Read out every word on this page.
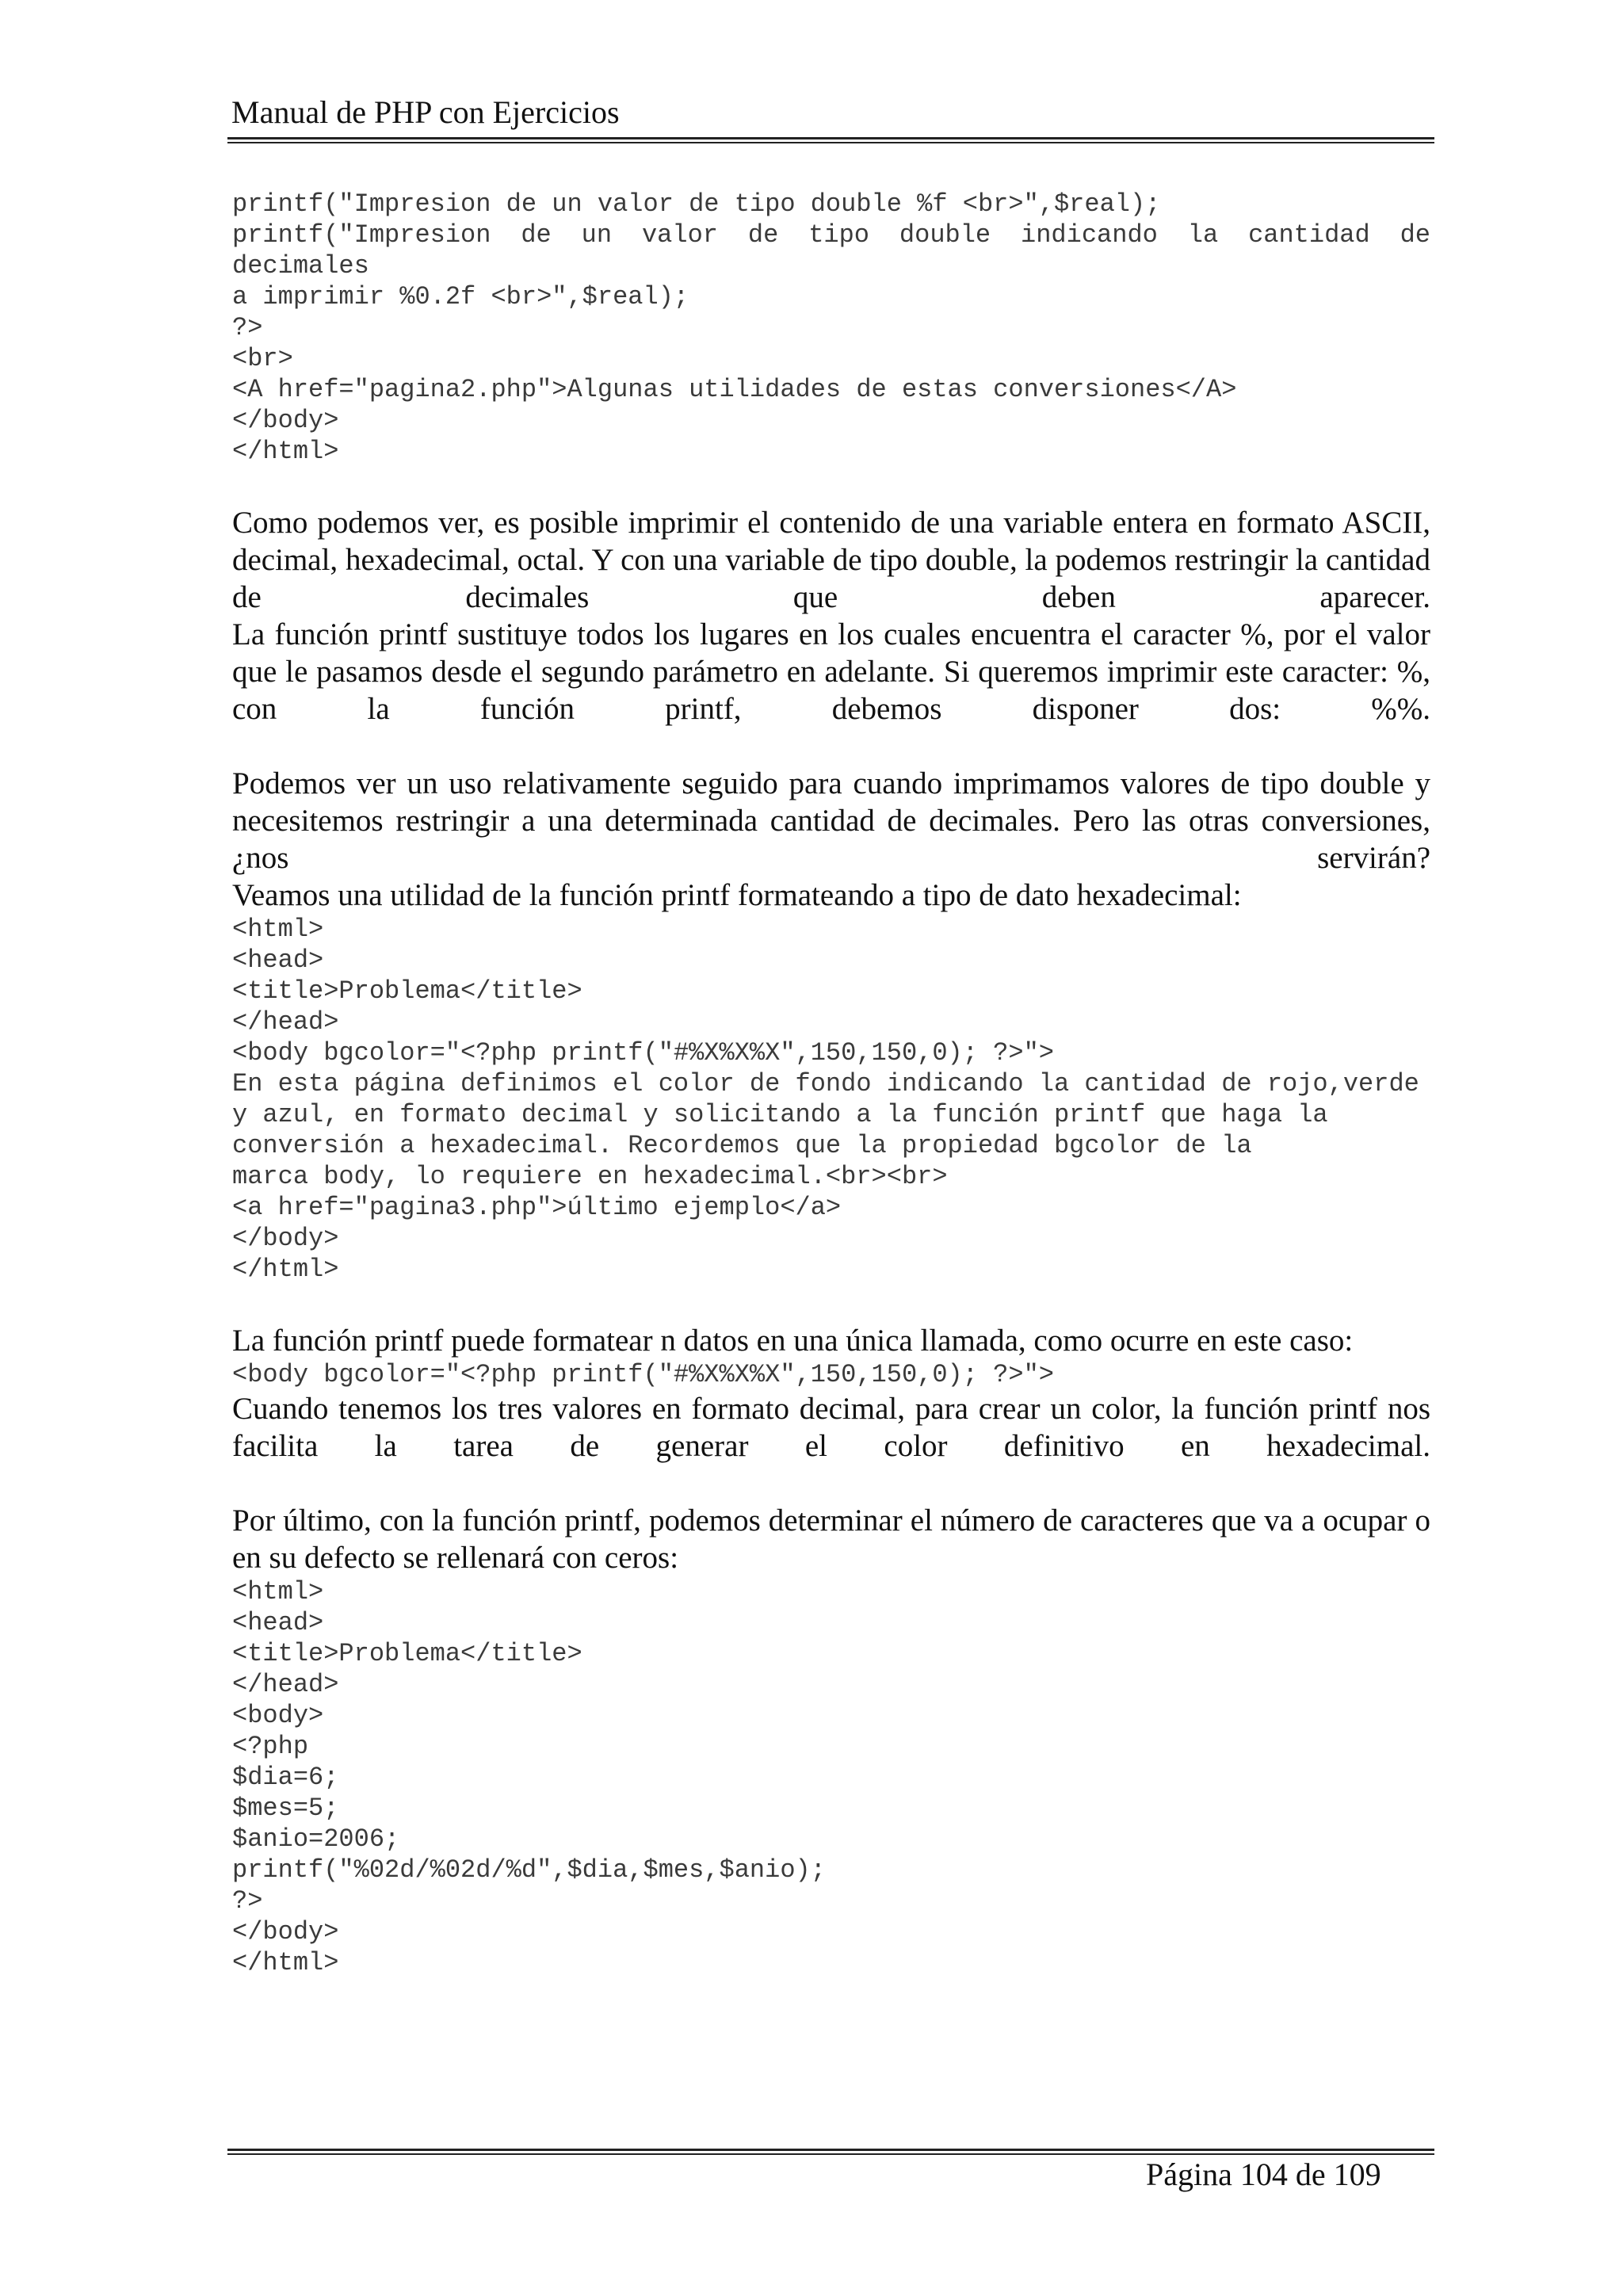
Manual de PHP con Ejercicios
printf("Impresion de un valor de tipo double %f <br>",$real);
printf("Impresion de un valor de tipo double indicando la cantidad de decimales
a imprimir %0.2f <br>",$real);
?>
<br>
<A href="pagina2.php">Algunas utilidades de estas conversiones</A>
</body>
</html>

Como podemos ver, es posible imprimir el contenido de una variable entera en formato ASCII, decimal, hexadecimal, octal. Y con una variable de tipo double, la podemos restringir la cantidad de decimales que deben aparecer.

La función printf sustituye todos los lugares en los cuales encuentra el caracter %, por el valor que le pasamos desde el segundo parámetro en adelante. Si queremos imprimir este caracter: %, con la función printf, debemos disponer dos: %%.

Podemos ver un uso relativamente seguido para cuando imprimamos valores de tipo double y necesitemos restringir a una determinada cantidad de decimales. Pero las otras conversiones, ¿nos servirán?

Veamos una utilidad de la función printf formateando a tipo de dato hexadecimal:

<html>
<head>
<title>Problema</title>
</head>
<body bgcolor="<?php printf("#%X%X%X",150,150,0); ?>">
En esta página definimos el color de fondo indicando la cantidad de rojo,verde
y azul, en formato decimal y solicitando a la función printf que haga la
conversión a hexadecimal. Recordemos que la propiedad bgcolor de la
marca body, lo requiere en hexadecimal.<br><br>
<a href="pagina3.php">último ejemplo</a>
</body>
</html>

La función printf puede formatear n datos en una única llamada, como ocurre en este caso:

<body bgcolor="<?php printf("#%X%X%X",150,150,0); ?>">

Cuando tenemos los tres valores en formato decimal, para crear un color, la función printf nos facilita la tarea de generar el color definitivo en hexadecimal.

Por último, con la función printf, podemos determinar el número de caracteres que va a ocupar o en su defecto se rellenará con ceros:

<html>
<head>
<title>Problema</title>
</head>
<body>
<?php
$dia=6;
$mes=5;
$anio=2006;
printf("%02d/%02d/%d",$dia,$mes,$anio);
?>
</body>
</html>
Página 104 de 109
